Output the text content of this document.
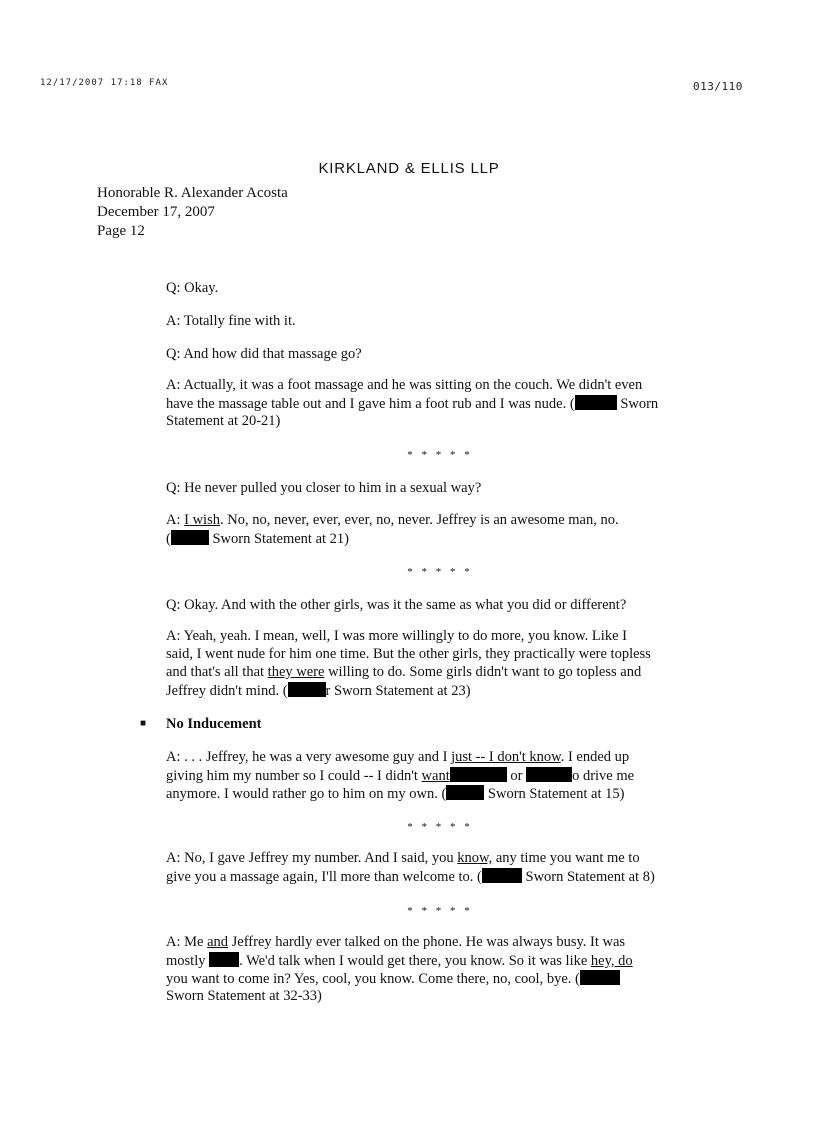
12/17/2007 17:18 FAX	013/110
KIRKLAND & ELLIS LLP
Honorable R. Alexander Acosta
December 17, 2007
Page 12
Q: Okay.
A: Totally fine with it.
Q: And how did that massage go?
A: Actually, it was a foot massage and he was sitting on the couch. We didn't even
have the massage table out and I gave him a foot rub and I was nude. (	Sworn
Statement at 20-21)
* * * * *
Q: He never pulled you closer to him in a sexual way?
A: I wish. No, no, never, ever, ever, no, never. Jeffrey is an awesome man, no.
(	Sworn Statement at 21)
* * * * *
Q: Okay. And with the other girls, was it the same as what you did or different?
A: Yeah, yeah. I mean, well, I was more willingly to do more, you know. Like I
said, I went nude for him one time. But the other girls, they practically were topless
and that's all that they were willing to do. Some girls didn't want to go topless and
Jeffrey didn't mind. (	r Sworn Statement at 23)
■ No Inducement
A: . . . Jeffrey, he was a very awesome guy and I just -- I don't know. I ended up
giving him my number so I could -- I didn't want	or	o drive me
anymore. I would rather go to him on my own. (	Sworn Statement at 15)
* * * * *
A: No, I gave Jeffrey my number. And I said, you know, any time you want me to
give you a massage again, I'll more than welcome to. (	Sworn Statement at 8)
* * * * *
A: Me and Jeffrey hardly ever talked on the phone. He was always busy. It was
mostly . We'd talk when I would get there, you know. So it was like hey, do
you want to come in? Yes, cool, you know. Come there, no, cool, bye. (
Sworn Statement at 32-33)
